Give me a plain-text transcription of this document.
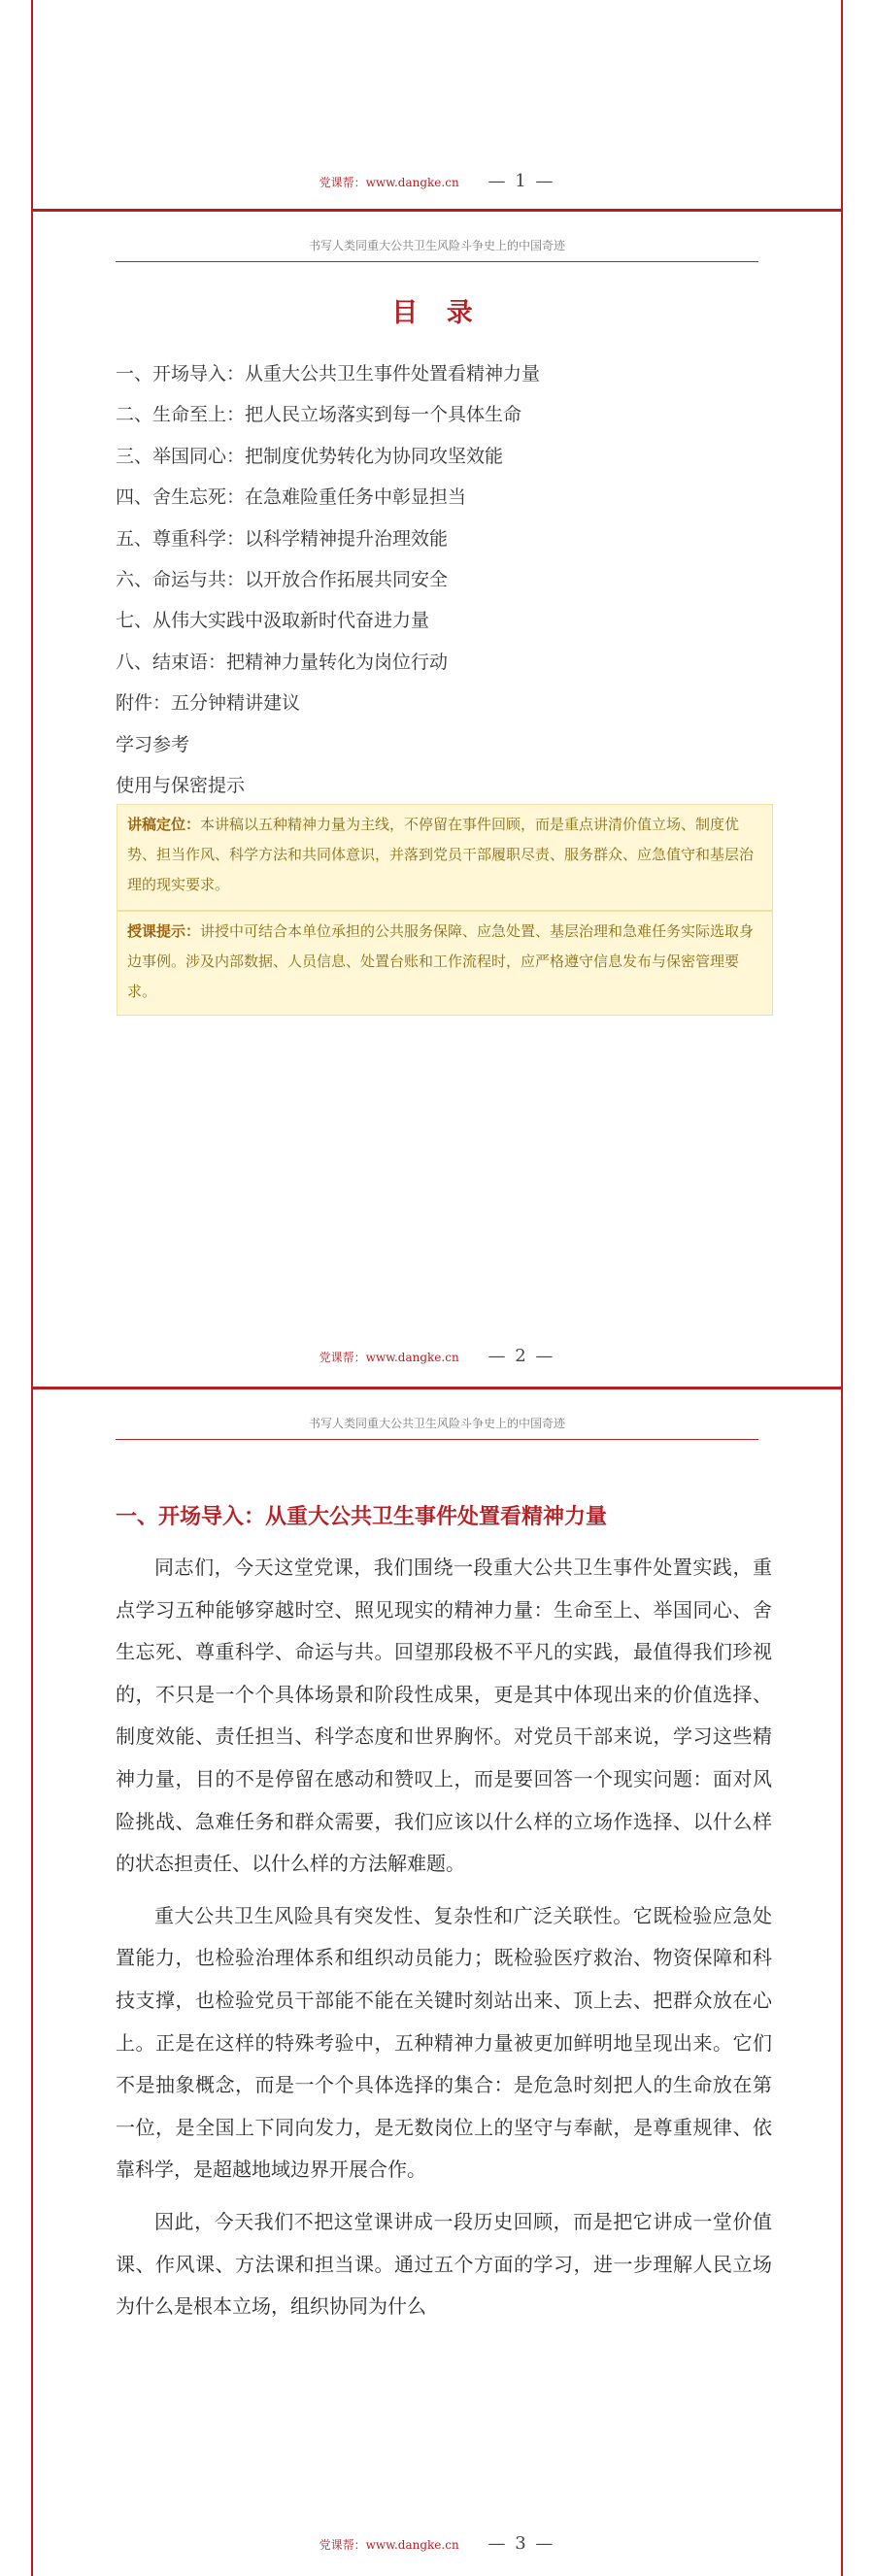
党课帮：www.dangke.cn — 1 —
书写人类同重大公共卫生风险斗争史上的中国奇迹
目 录
一、开场导入：从重大公共卫生事件处置看精神力量
二、生命至上：把人民立场落实到每一个具体生命
三、举国同心：把制度优势转化为协同攻坚效能
四、舍生忘死：在急难险重任务中彰显担当
五、尊重科学：以科学精神提升治理效能
六、命运与共：以开放合作拓展共同安全
七、从伟大实践中汲取新时代奋进力量
八、结束语：把精神力量转化为岗位行动
附件：五分钟精讲建议
学习参考
使用与保密提示
讲稿定位：本讲稿以五种精神力量为主线，不停留在事件回顾，而是重点讲清价值立场、制度优势、担当作风、科学方法和共同体意识，并落到党员干部履职尽责、服务群众、应急值守和基层治理的现实要求。
授课提示：讲授中可结合本单位承担的公共服务保障、应急处置、基层治理和急难任务实际选取身边事例。涉及内部数据、人员信息、处置台账和工作流程时，应严格遵守信息发布与保密管理要求。
党课帮：www.dangke.cn — 2 —
书写人类同重大公共卫生风险斗争史上的中国奇迹
一、开场导入：从重大公共卫生事件处置看精神力量

同志们，今天这堂党课，我们围绕一段重大公共卫生事件处置实践，重点学习五种能够穿越时空、照见现实的精神力量：生命至上、举国同心、舍生忘死、尊重科学、命运与共。回望那段极不平凡的实践，最值得我们珍视的，不只是一个个具体场景和阶段性成果，更是其中体现出来的价值选择、制度效能、责任担当、科学态度和世界胸怀。对党员干部来说，学习这些精神力量，目的不是停留在感动和赞叹上，而是要回答一个现实问题：面对风险挑战、急难任务和群众需要，我们应该以什么样的立场作选择、以什么样的状态担责任、以什么样的方法解难题。

重大公共卫生风险具有突发性、复杂性和广泛关联性。它既检验应急处置能力，也检验治理体系和组织动员能力；既检验医疗救治、物资保障和科技支撑，也检验党员干部能不能在关键时刻站出来、顶上去、把群众放在心上。正是在这样的特殊考验中，五种精神力量被更加鲜明地呈现出来。它们不是抽象概念，而是一个个具体选择的集合：是危急时刻把人的生命放在第一位，是全国上下同向发力，是无数岗位上的坚守与奉献，是尊重规律、依靠科学，是超越地域边界开展合作。

因此，今天我们不把这堂课讲成一段历史回顾，而是把它讲成一堂价值课、作风课、方法课和担当课。通过五个方面的学习，进一步理解人民立场为什么是根本立场，组织协同为什么

党课帮：www.dangke.cn — 3 —
